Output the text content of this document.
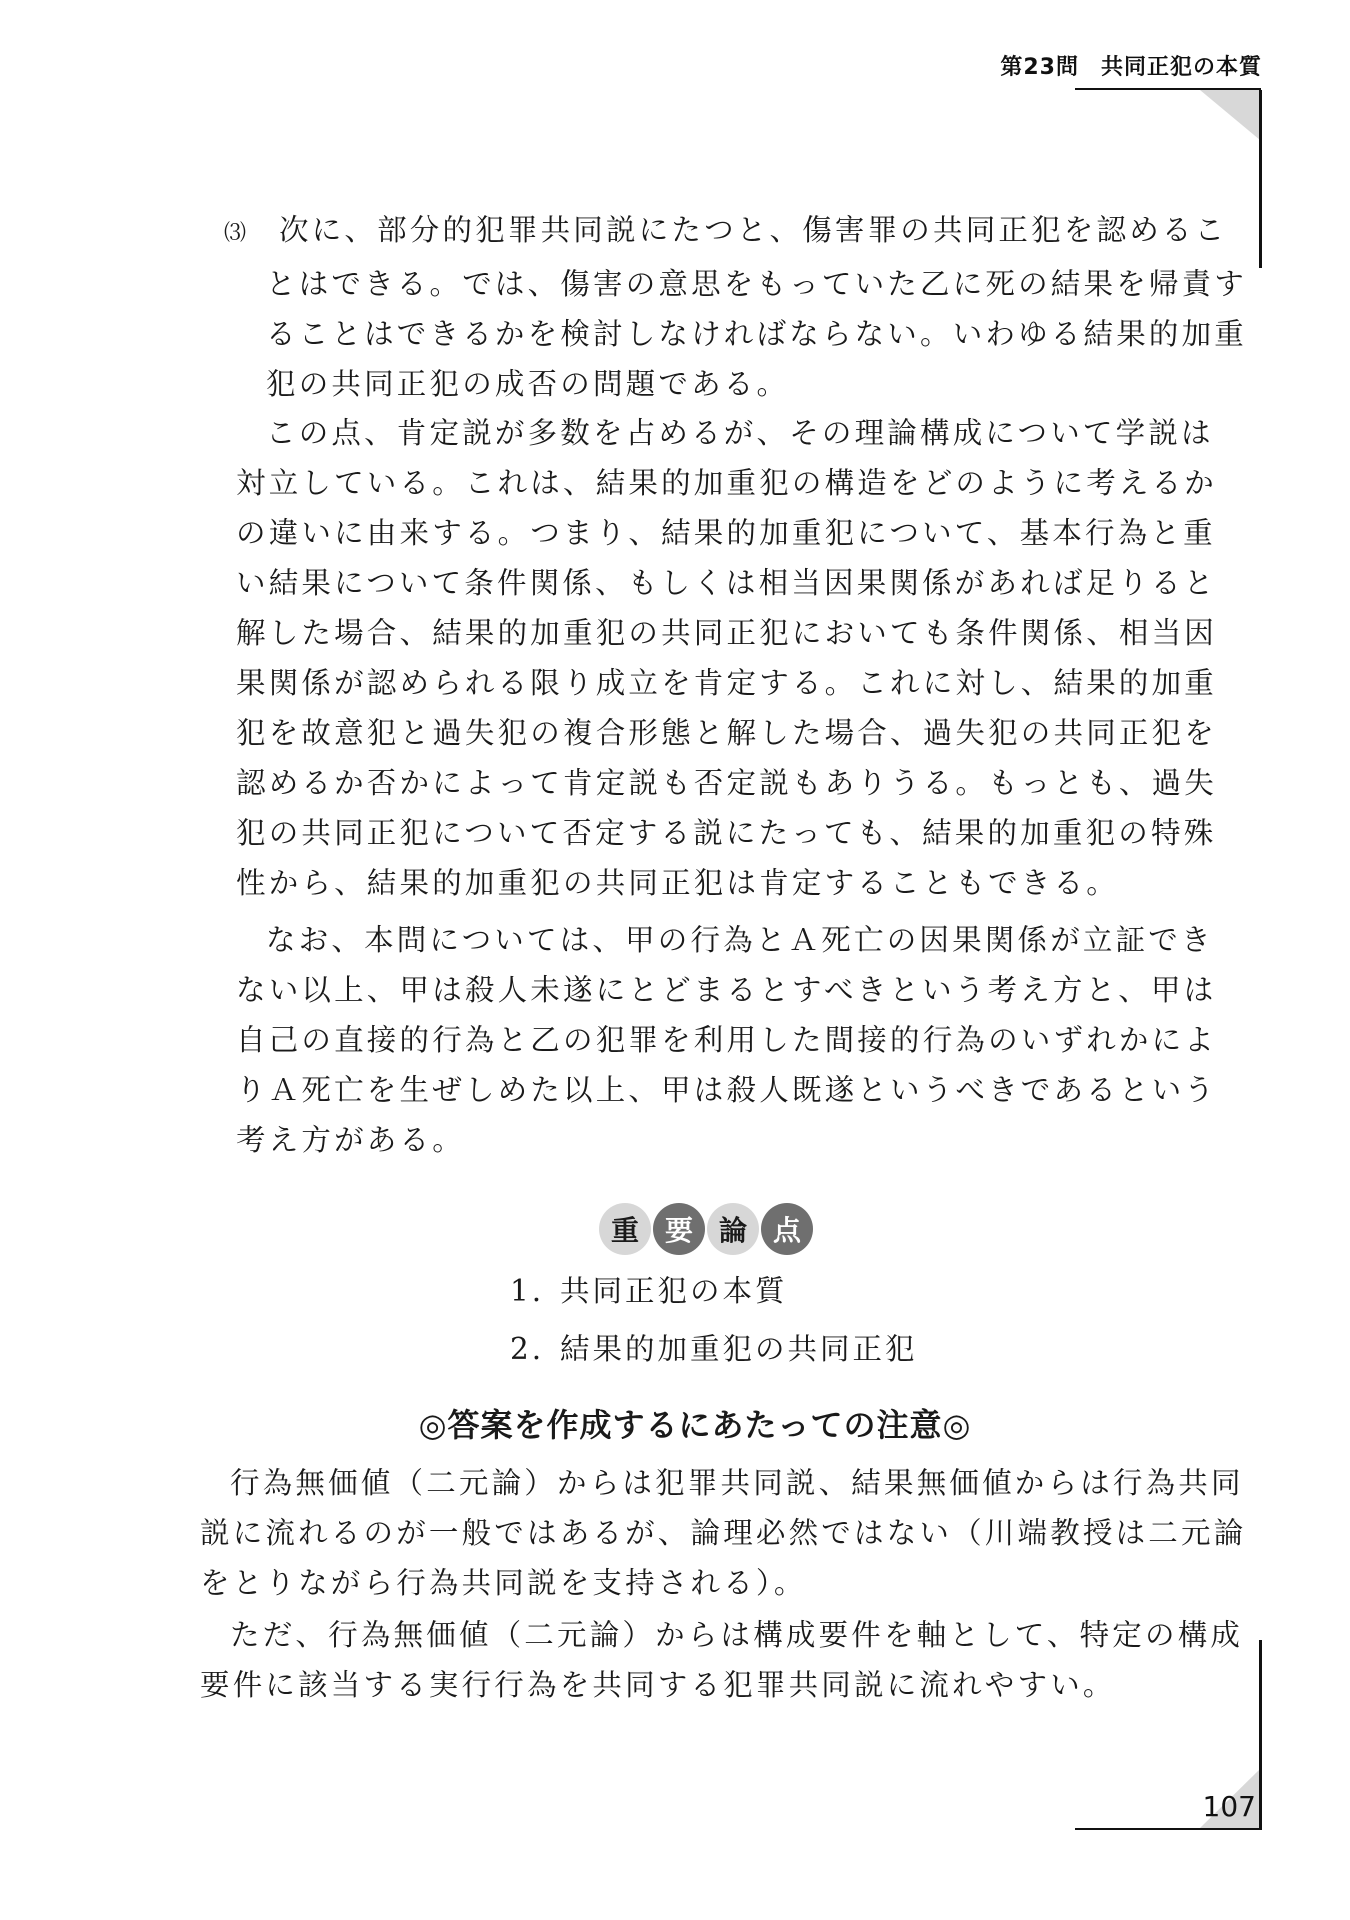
第23問 共同正犯の本質

⑶ 次に、部分的犯罪共同説にたつと、傷害罪の共同正犯を認めるこ
とはできる。では、傷害の意思をもっていた乙に死の結果を帰責す
ることはできるかを検討しなければならない。いわゆる結果的加重
犯の共同正犯の成否の問題である。

この点、肯定説が多数を占めるが、その理論構成について学説は
対立している。これは、結果的加重犯の構造をどのように考えるか
の違いに由来する。つまり、結果的加重犯について、基本行為と重
い結果について条件関係、もしくは相当因果関係があれば足りると
解した場合、結果的加重犯の共同正犯においても条件関係、相当因
果関係が認められる限り成立を肯定する。これに対し、結果的加重
犯を故意犯と過失犯の複合形態と解した場合、過失犯の共同正犯を
認めるか否かによって肯定説も否定説もありうる。もっとも、過失
犯の共同正犯について否定する説にたっても、結果的加重犯の特殊
性から、結果的加重犯の共同正犯は肯定することもできる。

なお、本問については、甲の行為とＡ死亡の因果関係が立証でき
ない以上、甲は殺人未遂にとどまるとすべきという考え方と、甲は
自己の直接的行為と乙の犯罪を利用した間接的行為のいずれかによ
りＡ死亡を生ぜしめた以上、甲は殺人既遂というべきであるという
考え方がある。

重 要 論 点
1. 共同正犯の本質
2. 結果的加重犯の共同正犯
◎答案を作成するにあたっての注意◎

行為無価値（二元論）からは犯罪共同説、結果無価値からは行為共同
説に流れるのが一般ではあるが、論理必然ではない（川端教授は二元論
をとりながら行為共同説を支持される）。

ただ、行為無価値（二元論）からは構成要件を軸として、特定の構成
要件に該当する実行行為を共同する犯罪共同説に流れやすい。

107
